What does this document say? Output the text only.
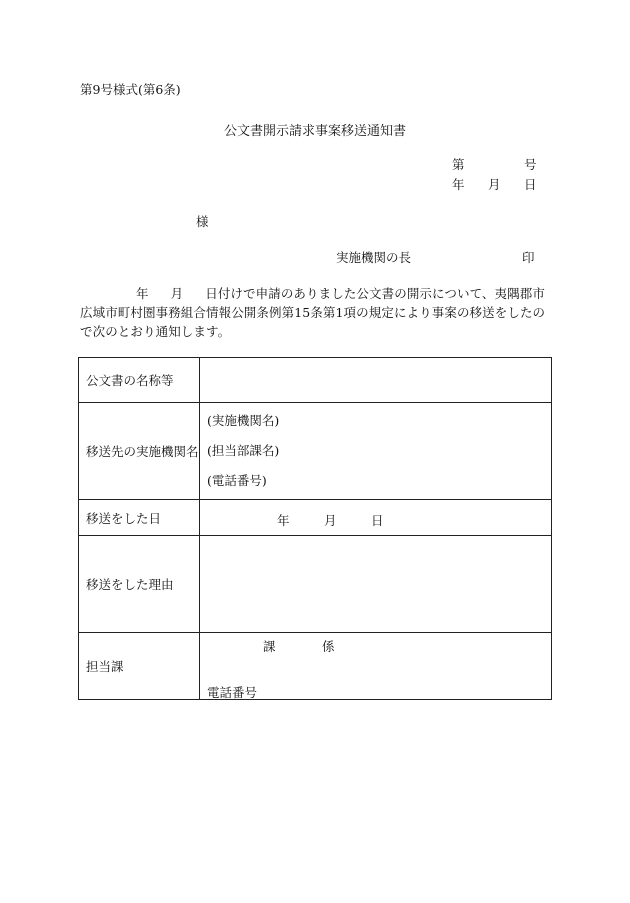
第9号様式(第6条)
公文書開示請求事案移送通知書
第	号
年 月 日
様
実施機関の長	印
年 月 日付けで申請のありました公文書の開示について、夷隅郡市広域市町村圏事務組合情報公開条例第15条第1項の規定により事案の移送をしたので次のとおり通知します。
公文書の名称等	
移送先の実施機関名	(実施機関名)
(担当部課名)
(電話番号)

移送をした日	年 月 日

移送をした理由	
担当課	課 係
電話番号
